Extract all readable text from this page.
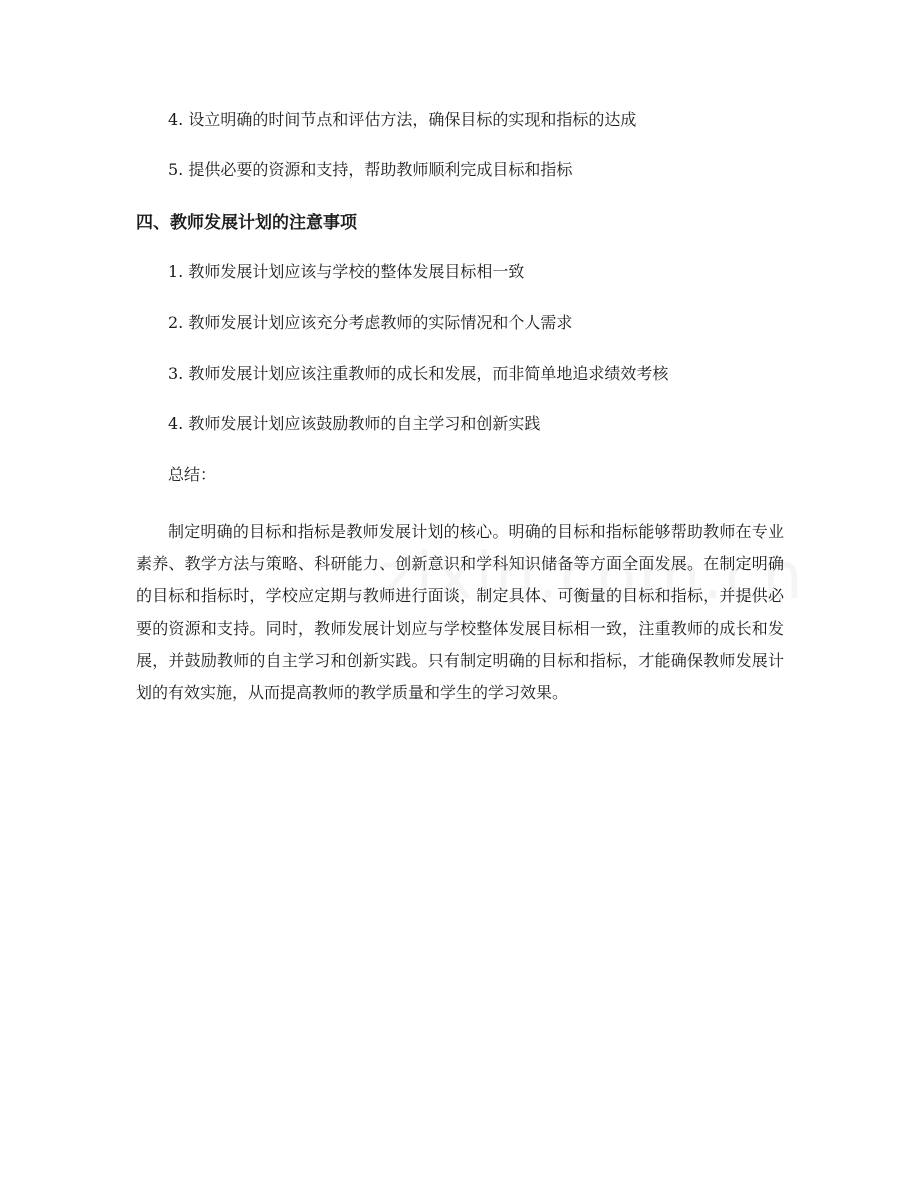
4. 设立明确的时间节点和评估方法，确保目标的实现和指标的达成

5. 提供必要的资源和支持，帮助教师顺利完成目标和指标

四、教师发展计划的注意事项

1. 教师发展计划应该与学校的整体发展目标相一致

2. 教师发展计划应该充分考虑教师的实际情况和个人需求

3. 教师发展计划应该注重教师的成长和发展，而非简单地追求绩效考核

4. 教师发展计划应该鼓励教师的自主学习和创新实践

总结：

制定明确的目标和指标是教师发展计划的核心。明确的目标和指标能够帮助教师在专业素养、教学方法与策略、科研能力、创新意识和学科知识储备等方面全面发展。在制定明确的目标和指标时，学校应定期与教师进行面谈，制定具体、可衡量的目标和指标，并提供必要的资源和支持。同时，教师发展计划应与学校整体发展目标相一致，注重教师的成长和发展，并鼓励教师的自主学习和创新实践。只有制定明确的目标和指标，才能确保教师发展计划的有效实施，从而提高教师的教学质量和学生的学习效果。
